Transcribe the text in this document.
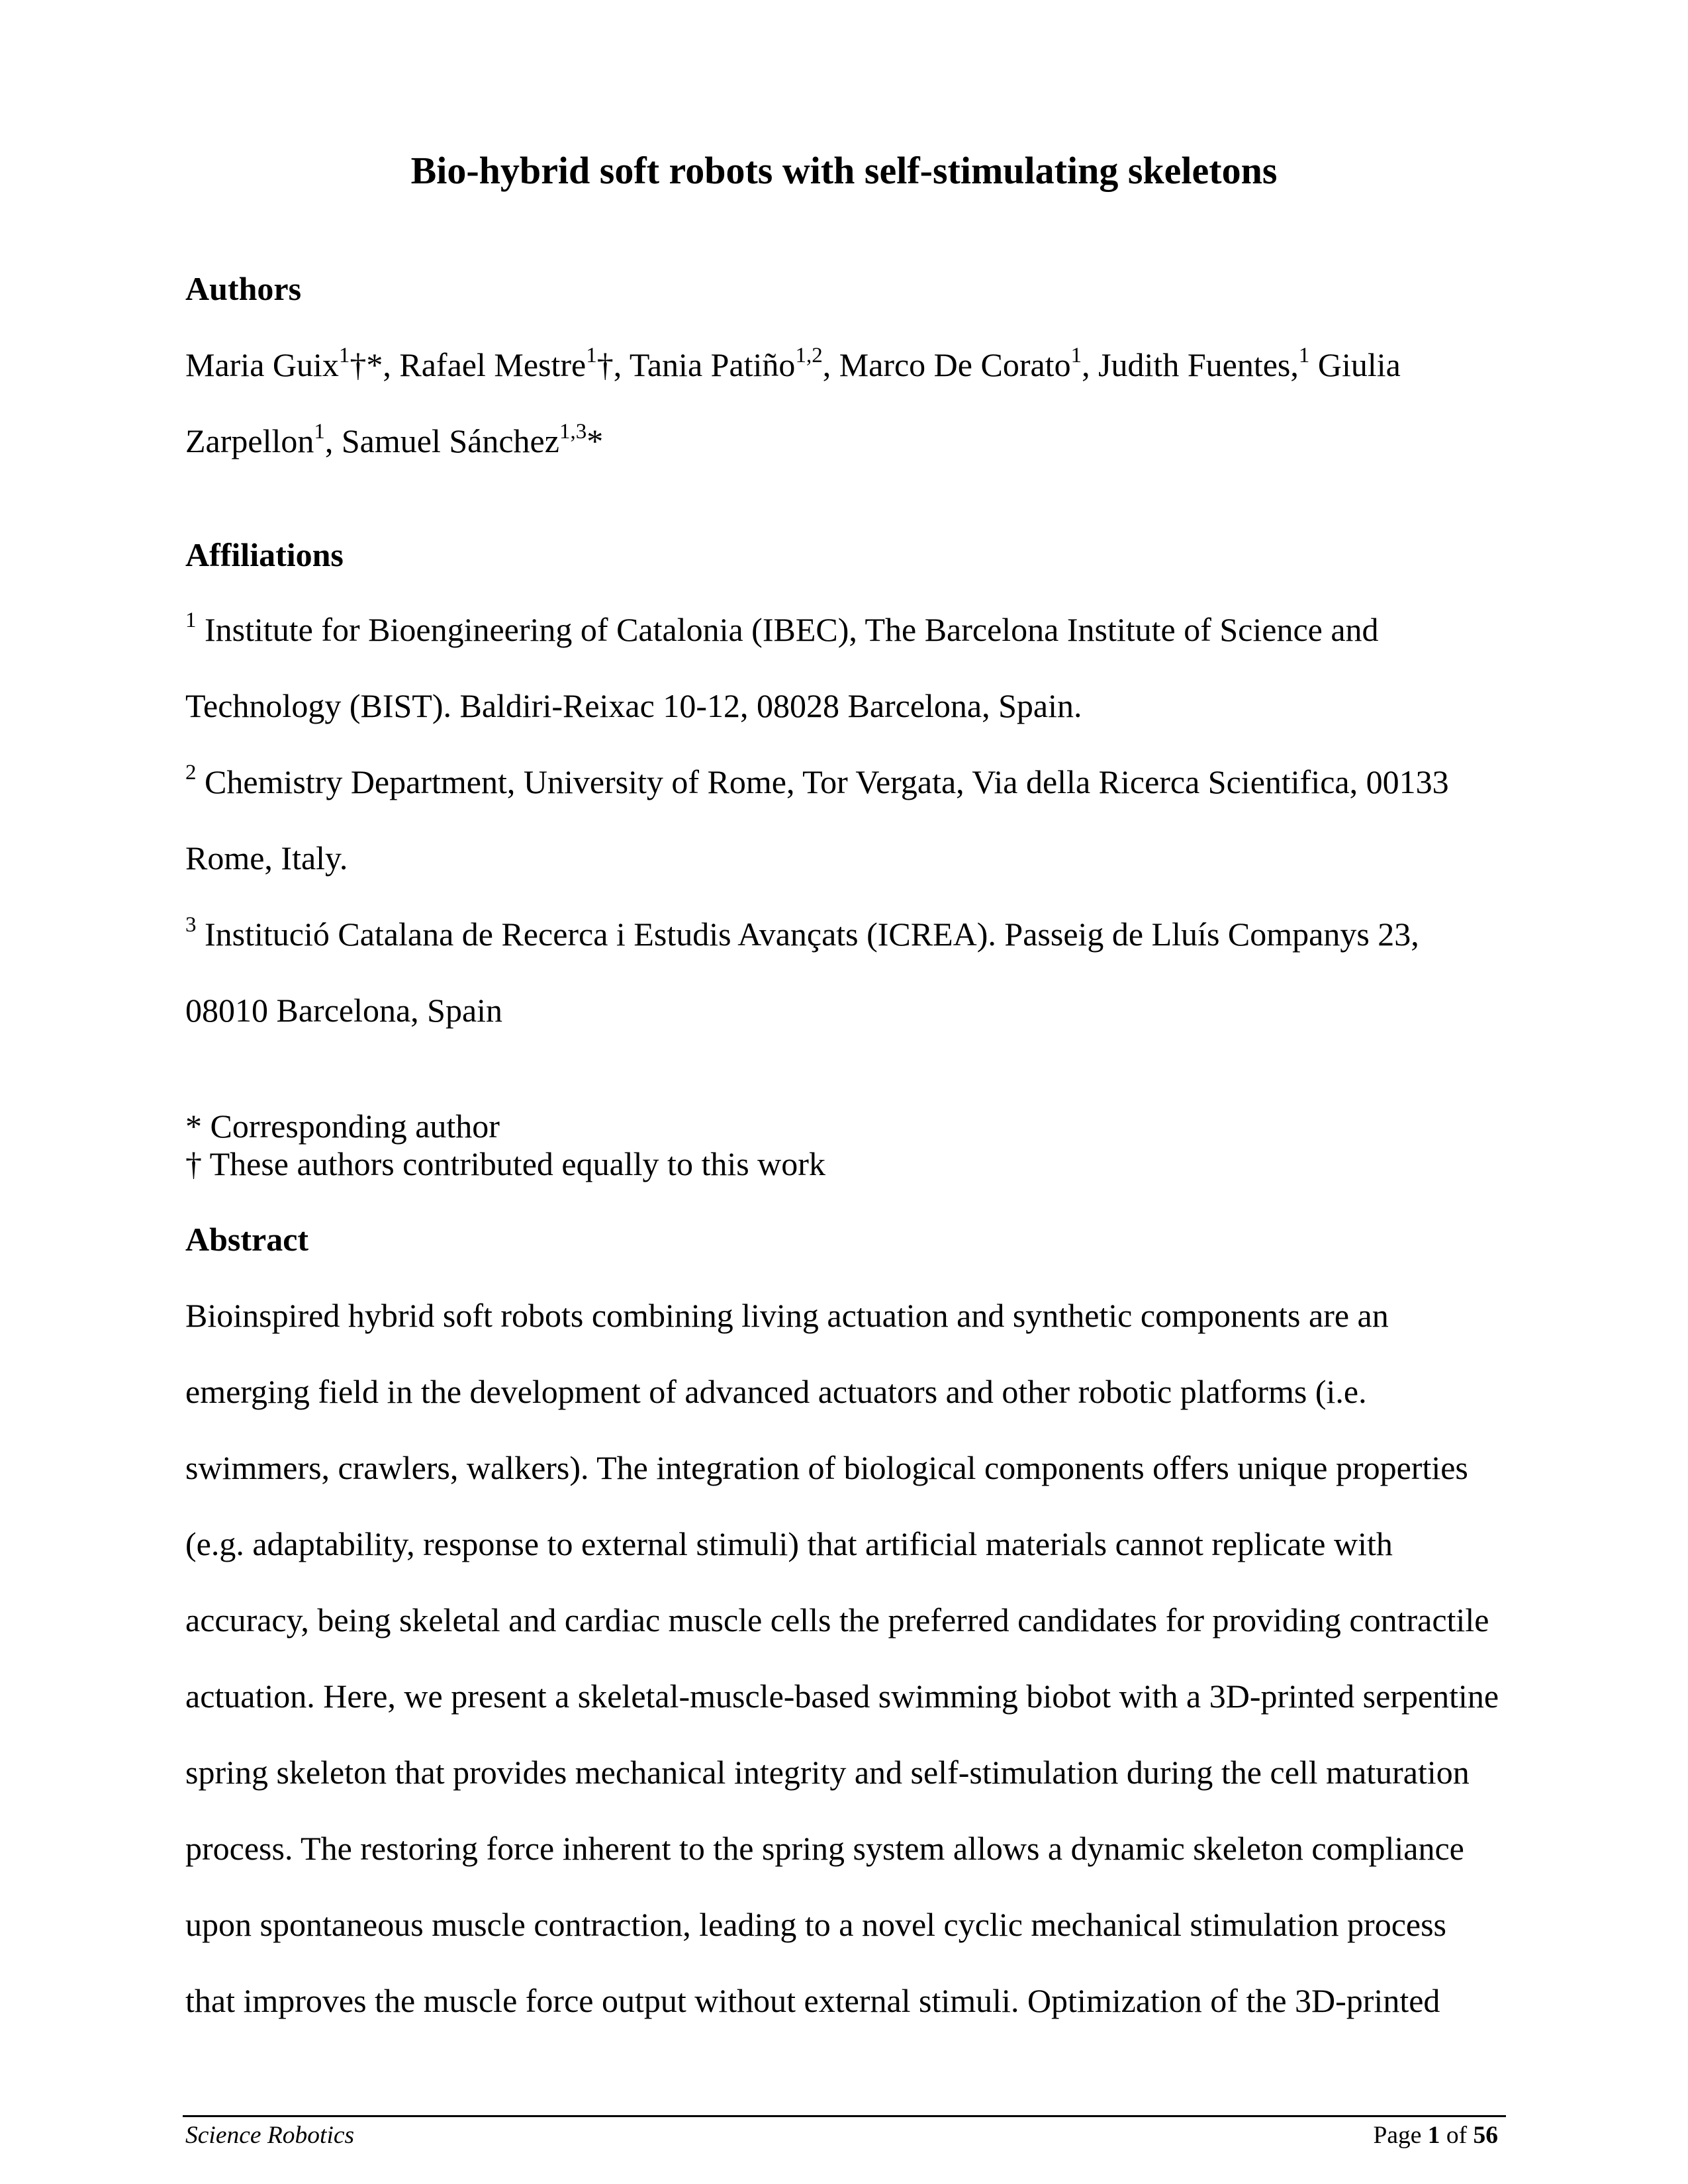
Bio-hybrid soft robots with self-stimulating skeletons
Authors
Maria Guix$^1$†*, Rafael Mestre$^1$†, Tania Patiño$^{1,2}$, Marco De Corato$^1$, Judith Fuentes,$^1$ Giulia
Zarpellon$^1$, Samuel Sánchez$^{1,3}$*
Affiliations
$^1$ Institute for Bioengineering of Catalonia (IBEC), The Barcelona Institute of Science and
Technology (BIST). Baldiri-Reixac 10-12, 08028 Barcelona, Spain.
$^2$ Chemistry Department, University of Rome, Tor Vergata, Via della Ricerca Scientifica, 00133
Rome, Italy.
$^3$ Institució Catalana de Recerca i Estudis Avançats (ICREA). Passeig de Lluís Companys 23,
08010 Barcelona, Spain
* Corresponding author
† These authors contributed equally to this work
Abstract
Bioinspired hybrid soft robots combining living actuation and synthetic components are an
emerging field in the development of advanced actuators and other robotic platforms (i.e.
swimmers, crawlers, walkers). The integration of biological components offers unique properties
(e.g. adaptability, response to external stimuli) that artificial materials cannot replicate with
accuracy, being skeletal and cardiac muscle cells the preferred candidates for providing contractile
actuation. Here, we present a skeletal-muscle-based swimming biobot with a 3D-printed serpentine
spring skeleton that provides mechanical integrity and self-stimulation during the cell maturation
process. The restoring force inherent to the spring system allows a dynamic skeleton compliance
upon spontaneous muscle contraction, leading to a novel cyclic mechanical stimulation process
that improves the muscle force output without external stimuli. Optimization of the 3D-printed
Science Robotics	Page 1 of 56
